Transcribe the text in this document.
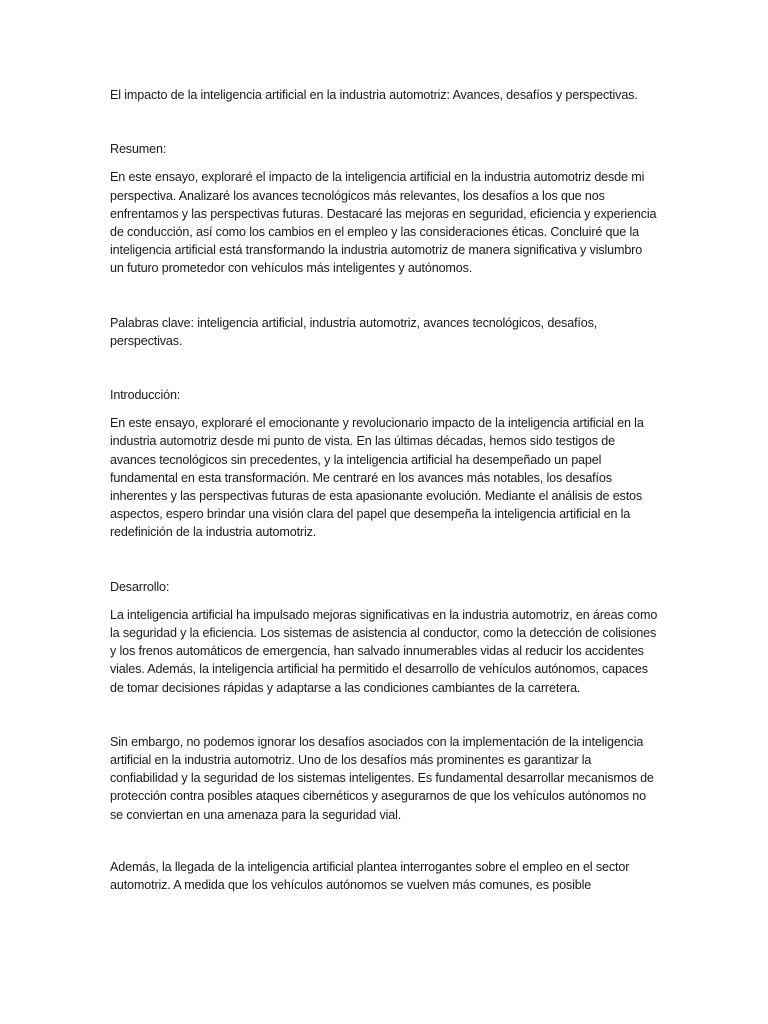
El impacto de la inteligencia artificial en la industria automotriz: Avances, desafíos y perspectivas.

Resumen:

En este ensayo, exploraré el impacto de la inteligencia artificial en la industria automotriz desde mi perspectiva. Analizaré los avances tecnológicos más relevantes, los desafíos a los que nos enfrentamos y las perspectivas futuras. Destacaré las mejoras en seguridad, eficiencia y experiencia de conducción, así como los cambios en el empleo y las consideraciones éticas. Concluiré que la inteligencia artificial está transformando la industria automotriz de manera significativa y vislumbro un futuro prometedor con vehículos más inteligentes y autónomos.

Palabras clave: inteligencia artificial, industria automotriz, avances tecnológicos, desafíos, perspectivas.

Introducción:

En este ensayo, exploraré el emocionante y revolucionario impacto de la inteligencia artificial en la industria automotriz desde mi punto de vista. En las últimas décadas, hemos sido testigos de avances tecnológicos sin precedentes, y la inteligencia artificial ha desempeñado un papel fundamental en esta transformación. Me centraré en los avances más notables, los desafíos inherentes y las perspectivas futuras de esta apasionante evolución. Mediante el análisis de estos aspectos, espero brindar una visión clara del papel que desempeña la inteligencia artificial en la redefinición de la industria automotriz.

Desarrollo:

La inteligencia artificial ha impulsado mejoras significativas en la industria automotriz, en áreas como la seguridad y la eficiencia. Los sistemas de asistencia al conductor, como la detección de colisiones y los frenos automáticos de emergencia, han salvado innumerables vidas al reducir los accidentes viales. Además, la inteligencia artificial ha permitido el desarrollo de vehículos autónomos, capaces de tomar decisiones rápidas y adaptarse a las condiciones cambiantes de la carretera.

Sin embargo, no podemos ignorar los desafíos asociados con la implementación de la inteligencia artificial en la industria automotriz. Uno de los desafíos más prominentes es garantizar la confiabilidad y la seguridad de los sistemas inteligentes. Es fundamental desarrollar mecanismos de protección contra posibles ataques cibernéticos y asegurarnos de que los vehículos autónomos no se conviertan en una amenaza para la seguridad vial.

Además, la llegada de la inteligencia artificial plantea interrogantes sobre el empleo en el sector automotriz. A medida que los vehículos autónomos se vuelven más comunes, es posible
